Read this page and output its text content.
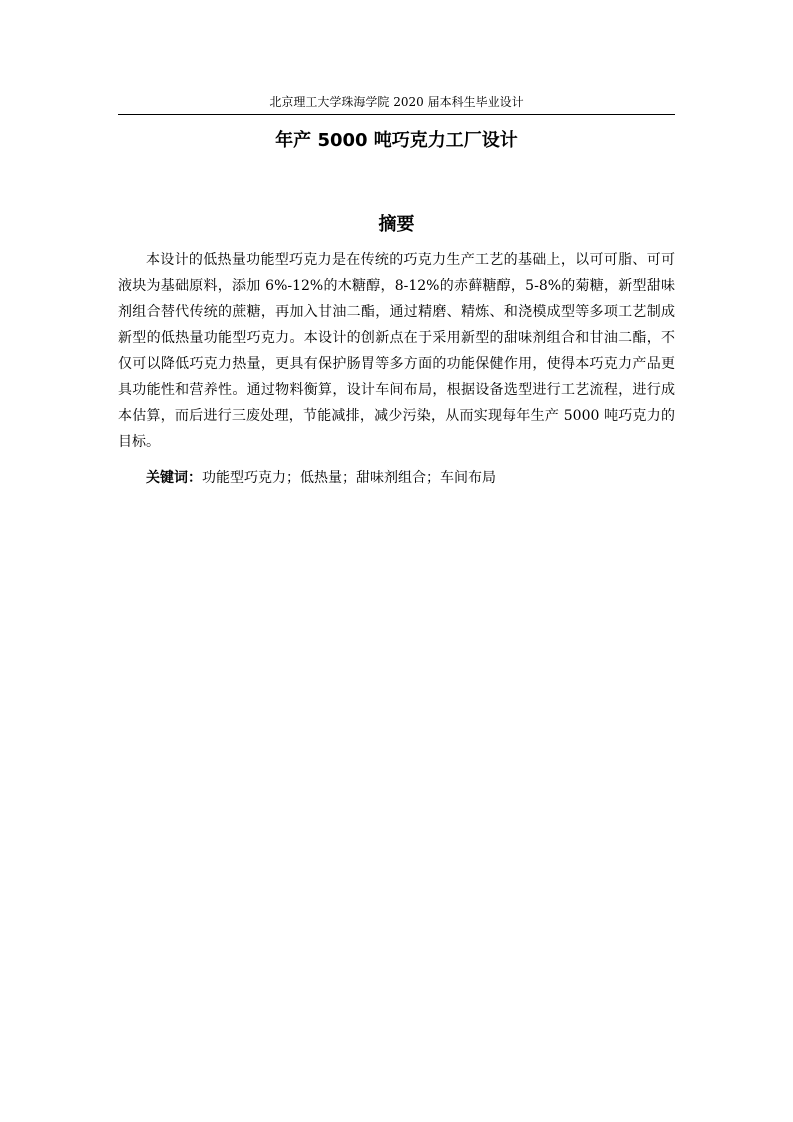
北京理工大学珠海学院 2020 届本科生毕业设计
年产 5000 吨巧克力工厂设计
摘要

本设计的低热量功能型巧克力是在传统的巧克力生产工艺的基础上，以可可脂、可可液块为基础原料，添加 6%-12%的木糖醇，8-12%的赤藓糖醇，5-8%的菊糖，新型甜味剂组合替代传统的蔗糖，再加入甘油二酯，通过精磨、精炼、和浇模成型等多项工艺制成新型的低热量功能型巧克力。本设计的创新点在于采用新型的甜味剂组合和甘油二酯，不仅可以降低巧克力热量，更具有保护肠胃等多方面的功能保健作用，使得本巧克力产品更具功能性和营养性。通过物料衡算，设计车间布局，根据设备选型进行工艺流程，进行成本估算，而后进行三废处理，节能减排，减少污染，从而实现每年生产 5000 吨巧克力的目标。

关键词：功能型巧克力；低热量；甜味剂组合；车间布局
